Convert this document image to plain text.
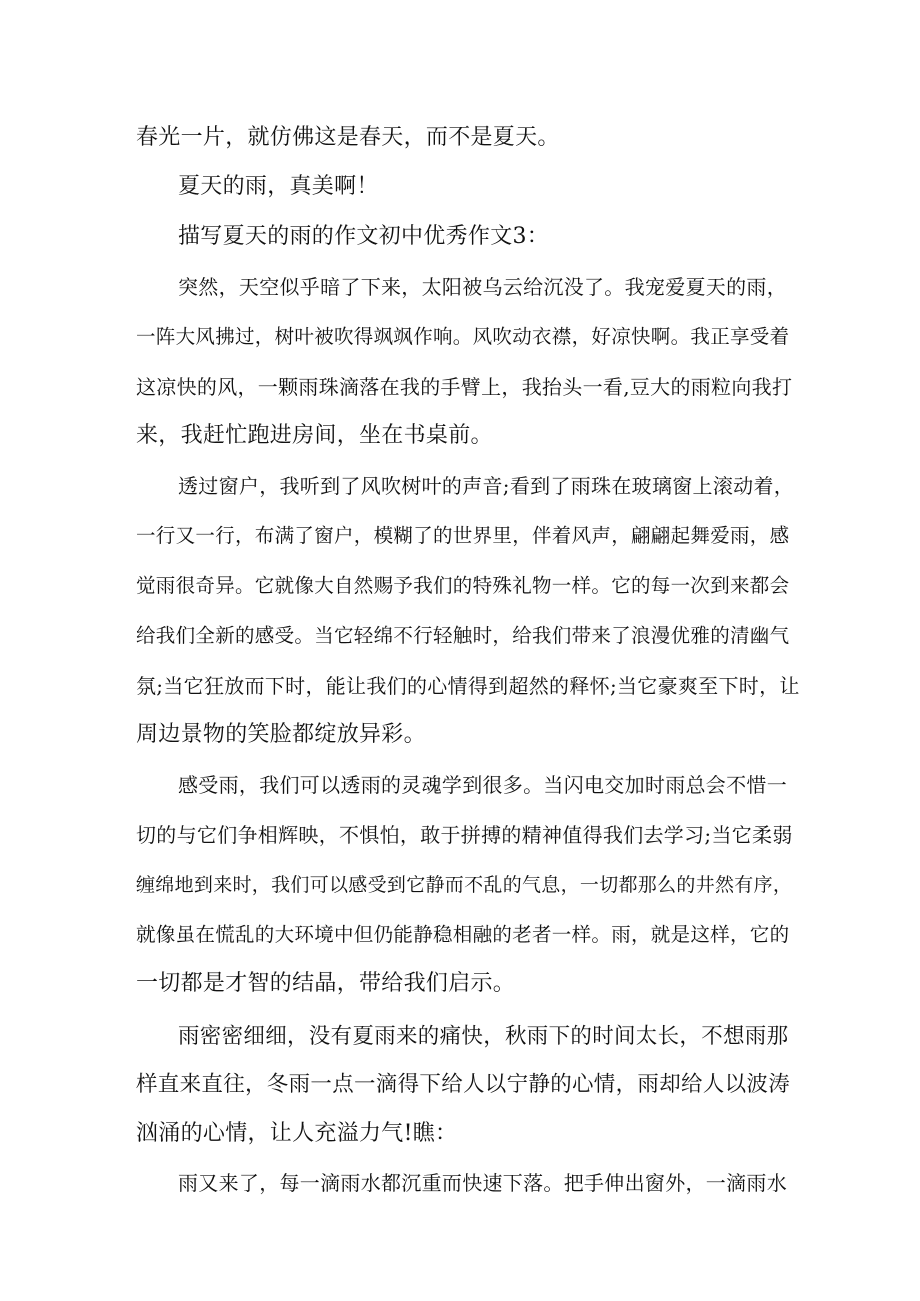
春光一片，就仿佛这是春天，而不是夏天。
夏天的雨，真美啊！
描写夏天的雨的作文初中优秀作文3：
突然，天空似乎暗了下来，太阳被乌云给沉没了。我宠爱夏天的雨，
一阵大风拂过，树叶被吹得飒飒作响。风吹动衣襟，好凉快啊。我正享受着
这凉快的风，一颗雨珠滴落在我的手臂上，我抬头一看,豆大的雨粒向我打
来，我赶忙跑进房间，坐在书桌前。
透过窗户，我听到了风吹树叶的声音;看到了雨珠在玻璃窗上滚动着，
一行又一行，布满了窗户，模糊了的世界里，伴着风声，翩翩起舞爱雨，感
觉雨很奇异。它就像大自然赐予我们的特殊礼物一样。它的每一次到来都会
给我们全新的感受。当它轻绵不行轻触时，给我们带来了浪漫优雅的清幽气
氛;当它狂放而下时，能让我们的心情得到超然的释怀;当它豪爽至下时，让
周边景物的笑脸都绽放异彩。
感受雨，我们可以透雨的灵魂学到很多。当闪电交加时雨总会不惜一
切的与它们争相辉映，不惧怕，敢于拼搏的精神值得我们去学习;当它柔弱
缠绵地到来时，我们可以感受到它静而不乱的气息，一切都那么的井然有序，
就像虽在慌乱的大环境中但仍能静稳相融的老者一样。雨，就是这样，它的
一切都是才智的结晶，带给我们启示。
雨密密细细，没有夏雨来的痛快，秋雨下的时间太长，不想雨那
样直来直往，冬雨一点一滴得下给人以宁静的心情，雨却给人以波涛
汹涌的心情，让人充溢力气!瞧：
雨又来了，每一滴雨水都沉重而快速下落。把手伸出窗外，一滴雨水
